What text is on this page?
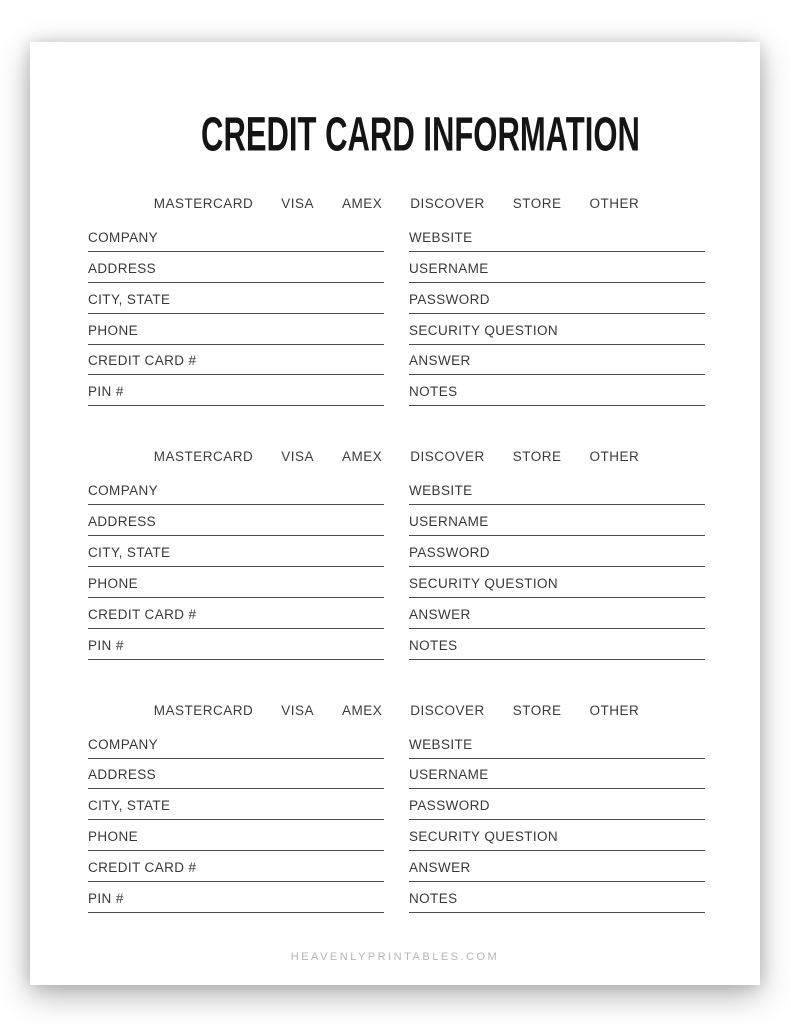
CREDIT CARD INFORMATION
MASTERCARD VISA AMEX DISCOVER STORE OTHER
COMPANY
ADDRESS
CITY, STATE
PHONE
CREDIT CARD #
PIN #
WEBSITE
USERNAME
PASSWORD
SECURITY QUESTION
ANSWER
NOTES
MASTERCARD VISA AMEX DISCOVER STORE OTHER
COMPANY
ADDRESS
CITY, STATE
PHONE
CREDIT CARD #
PIN #
WEBSITE
USERNAME
PASSWORD
SECURITY QUESTION
ANSWER
NOTES
MASTERCARD VISA AMEX DISCOVER STORE OTHER
COMPANY
ADDRESS
CITY, STATE
PHONE
CREDIT CARD #
PIN #
WEBSITE
USERNAME
PASSWORD
SECURITY QUESTION
ANSWER
NOTES
HEAVENLYPRINTABLES.COM
